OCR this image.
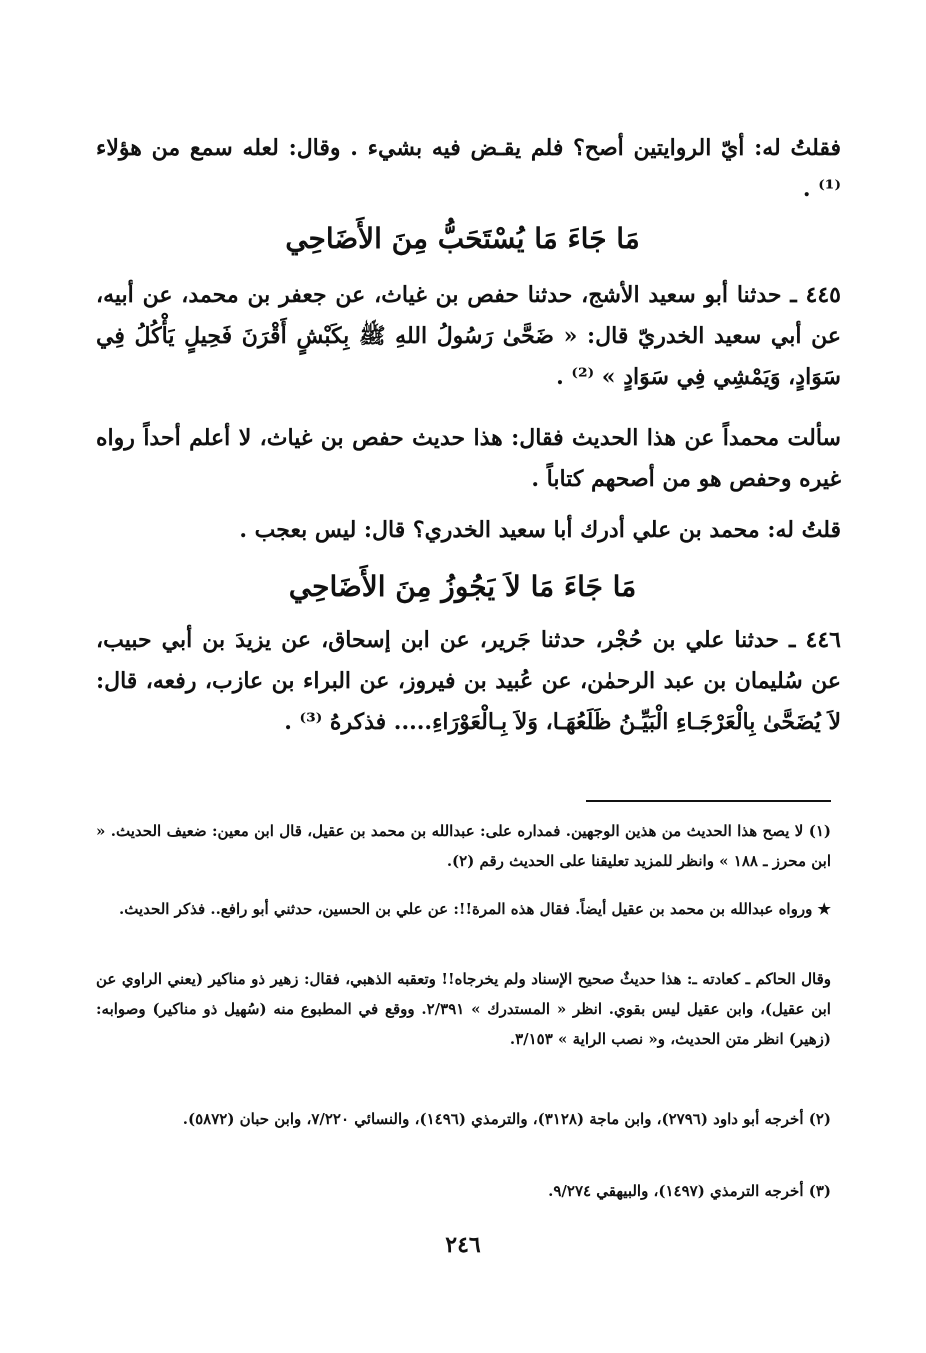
فقلتُ له: أيّ الروايتين أصح؟ فلم يقـض فيه بشيء . وقال: لعله سمع من هؤلاء ⁽¹⁾ .

مَا جَاءَ مَا يُسْتَحَبُّ مِنَ الأَضَاحِي

٤٤٥ ـ حدثنا أبو سعيد الأشج، حدثنا حفص بن غياث، عن جعفر بن محمد، عن أبيه، عن أبي سعيد الخدريّ قال: « ضَحَّىٰ رَسُولُ اللهِ ﷺ بِكَبْشٍ أَقْرَنَ فَحِيلٍ يَأْكُلُ فِي سَوَادٍ، وَيَمْشِي فِي سَوَادٍ » ⁽²⁾ .

سألت محمداً عن هذا الحديث فقال: هذا حديث حفص بن غياث، لا أعلم أحداً رواه غيره وحفص هو من أصحهم كتاباً .

قلتُ له: محمد بن علي أدرك أبا سعيد الخدري؟ قال: ليس بعجب .

مَا جَاءَ مَا لاَ يَجُوزُ مِنَ الأَضَاحِي

٤٤٦ ـ حدثنا علي بن حُجْر، حدثنا جَرير، عن ابن إسحاق، عن يزيدَ بن أبي حبيب، عن سُليمان بن عبد الرحمٰن، عن عُبيد بن فيروز، عن البراء بن عازب، رفعه، قال: لاَ يُضَحَّىٰ بِالْعَرْجَـاءِ الْبَيِّـنُ ظَلَعُهَـا، وَلاَ بِـالْعَوْرَاءِ..... فذكرهُ ⁽³⁾ .

(١) لا يصح هذا الحديث من هذين الوجهين. فمداره على: عبدالله بن محمد بن عقيل، قال ابن معين: ضعيف الحديث. « ابن محرز ـ ١٨٨ » وانظر للمزيد تعليقنا على الحديث رقم (٢).

★ ورواه عبدالله بن محمد بن عقيل أيضاً. فقال هذه المرة!!: عن علي بن الحسين، حدثني أبو رافع.. فذكر الحديث.

وقال الحاكم ـ كعادته ـ: هذا حديثٌ صحيح الإسناد ولم يخرجاه!! وتعقبه الذهبي، فقال: زهير ذو مناكير (يعني الراوي عن ابن عقيل)، وابن عقيل ليس بقوي. انظر « المستدرك » ٢/٣٩١. ووقع في المطبوع منه (سُهيل ذو مناكير) وصوابه: (زهير) انظر متن الحديث، و« نصب الراية » ٣/١٥٣.

(٢) أخرجه أبو داود (٢٧٩٦)، وابن ماجة (٣١٢٨)، والترمذي (١٤٩٦)، والنسائي ٧/٢٢٠، وابن حبان (٥٨٧٢).

(٣) أخرجه الترمذي (١٤٩٧)، والبيهقي ٩/٢٧٤.

٢٤٦
